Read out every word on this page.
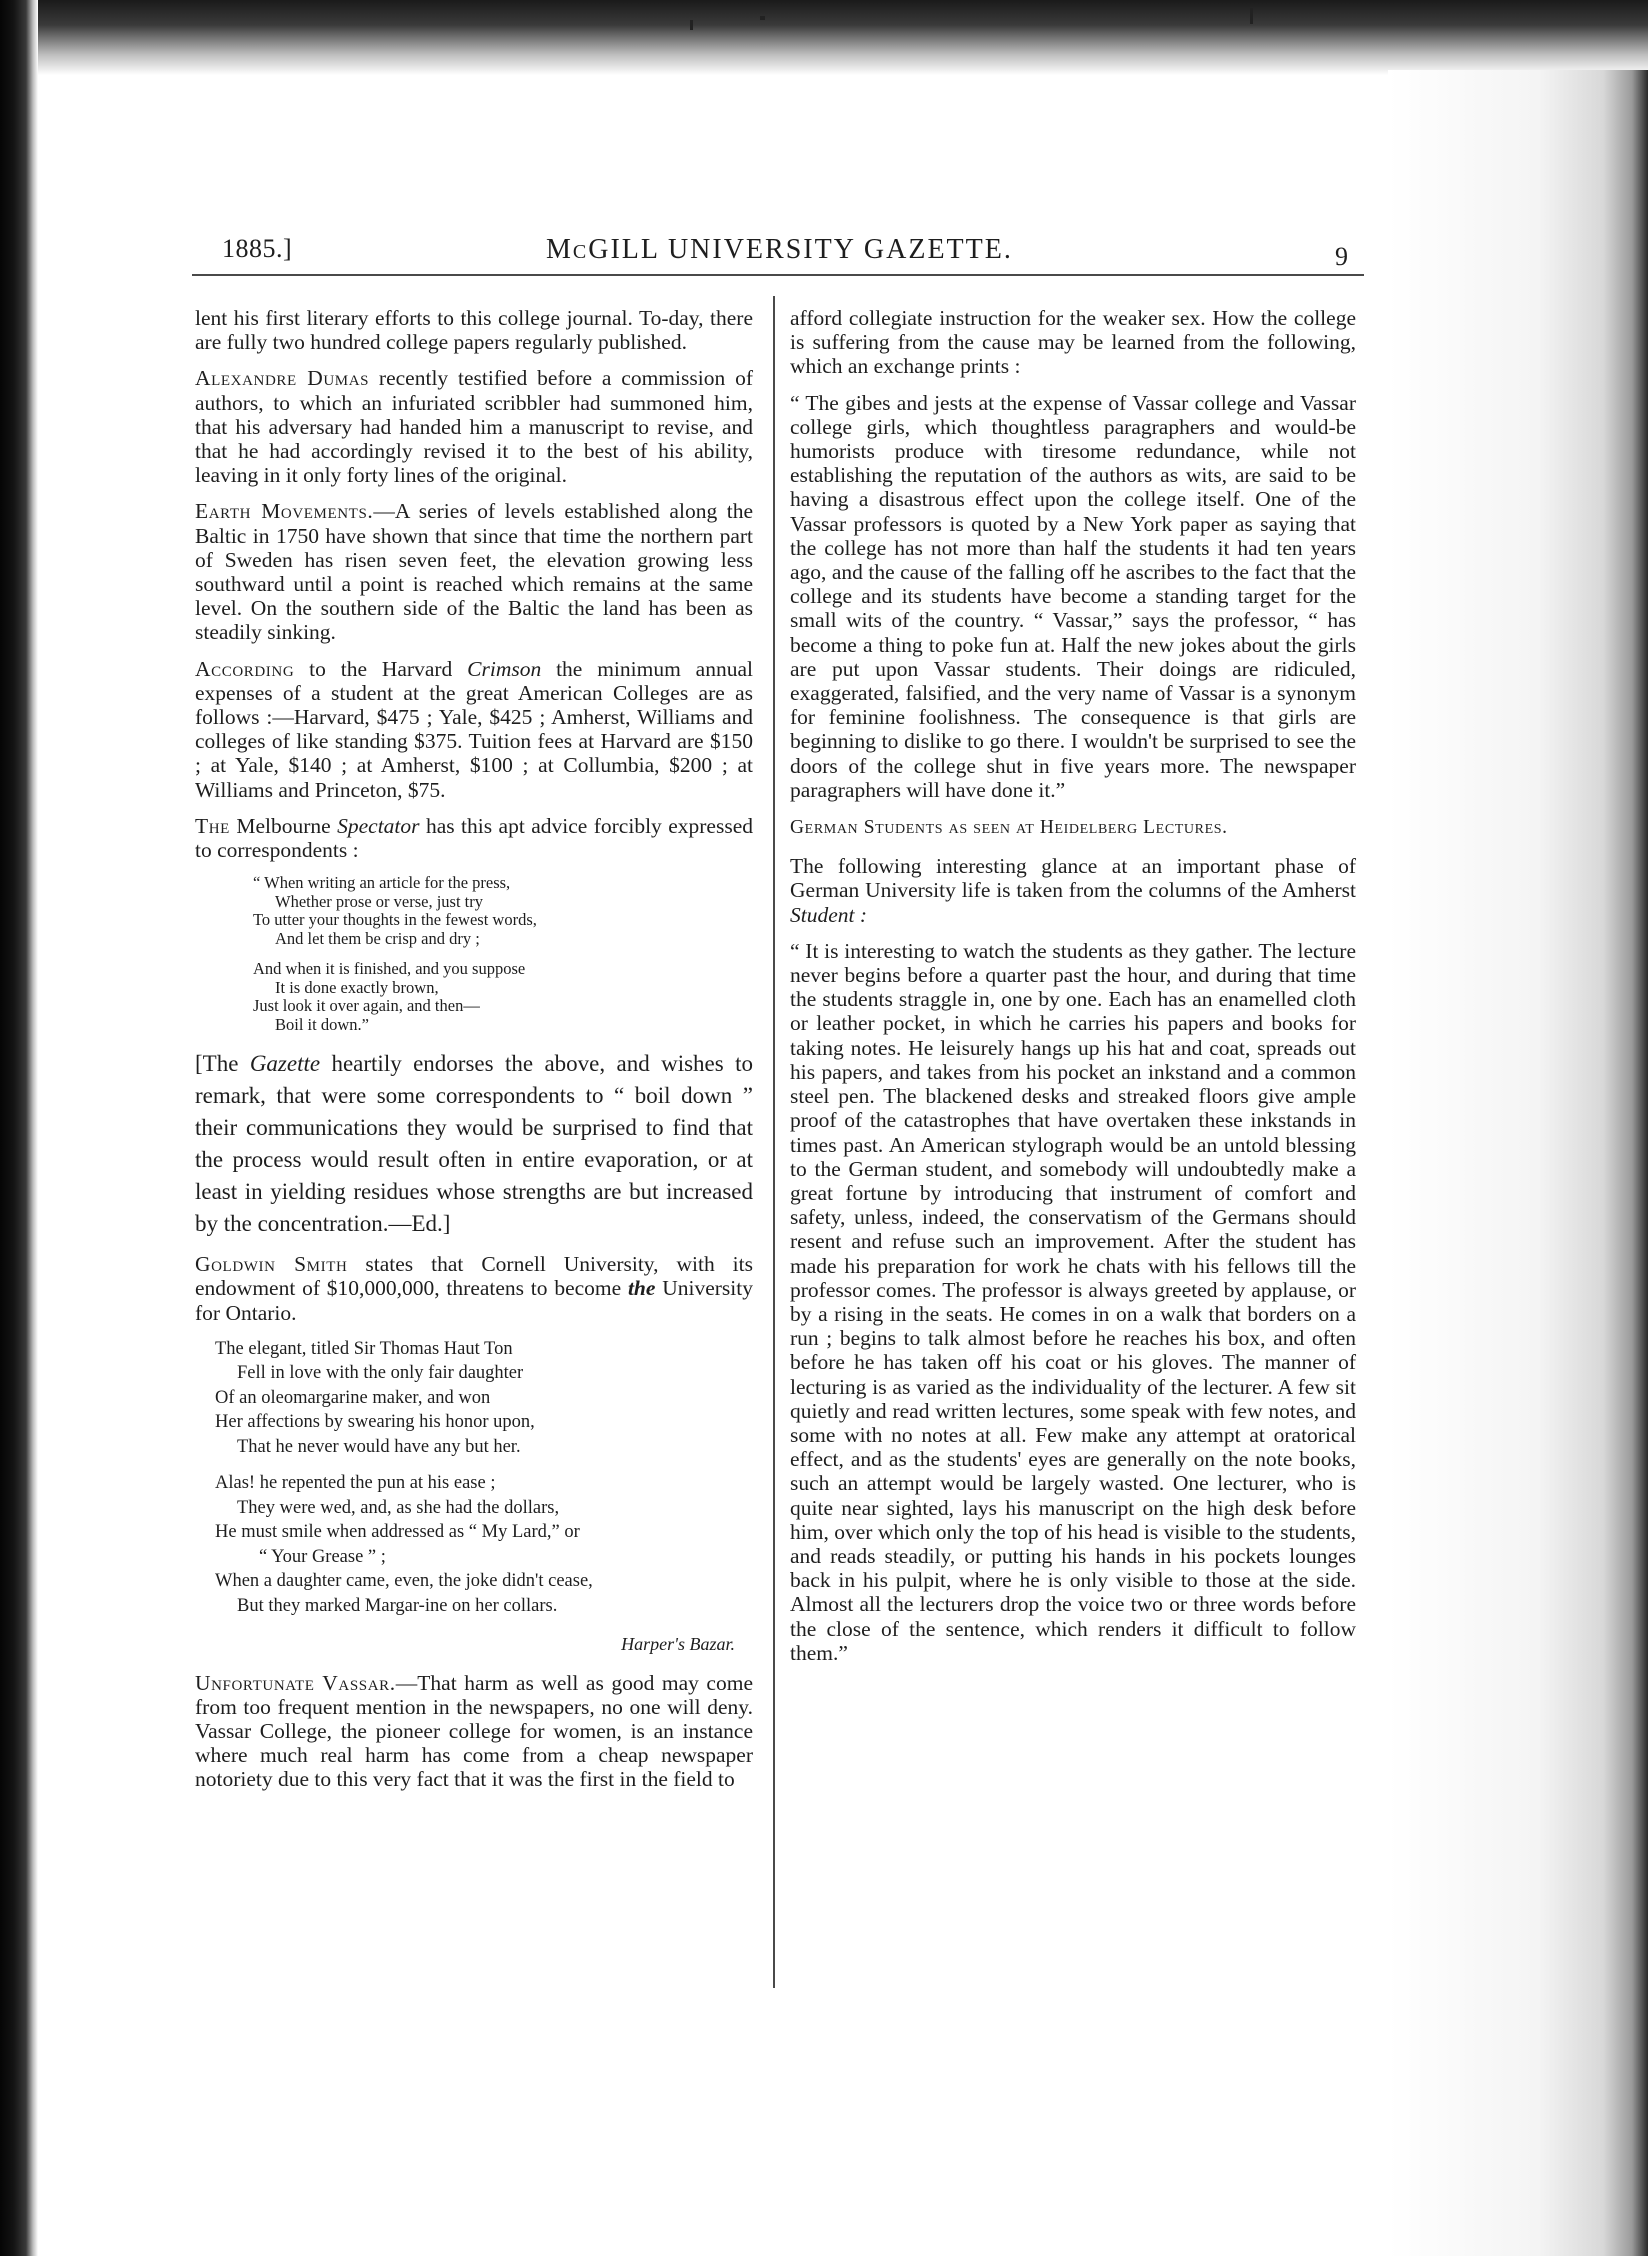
1885.]	McGILL UNIVERSITY GAZETTE.	9

lent his first literary efforts to this college journal. To-day, there are fully two hundred college papers regularly published.

Alexandre Dumas recently testified before a commission of authors, to which an infuriated scribbler had summoned him, that his adversary had handed him a manuscript to revise, and that he had accordingly revised it to the best of his ability, leaving in it only forty lines of the original.

Earth Movements.—A series of levels established along the Baltic in 1750 have shown that since that time the northern part of Sweden has risen seven feet, the elevation growing less southward until a point is reached which remains at the same level. On the southern side of the Baltic the land has been as steadily sinking.

According to the Harvard Crimson the minimum annual expenses of a student at the great American Colleges are as follows :—Harvard, $475 ; Yale, $425 ; Amherst, Williams and colleges of like standing $375. Tuition fees at Harvard are $150 ; at Yale, $140 ; at Amherst, $100 ; at Collumbia, $200 ; at Williams and Princeton, $75.

The Melbourne Spectator has this apt advice forcibly expressed to correspondents :

“ When writing an article for the press,
Whether prose or verse, just try
To utter your thoughts in the fewest words,
And let them be crisp and dry ;
And when it is finished, and you suppose
It is done exactly brown,
Just look it over again, and then—
Boil it down.”

[The Gazette heartily endorses the above, and wishes to remark, that were some correspondents to “ boil down ” their communications they would be surprised to find that the process would result often in entire evaporation, or at least in yielding residues whose strengths are but increased by the concentration.—Ed.]

Goldwin Smith states that Cornell University, with its endowment of $10,000,000, threatens to become the University for Ontario.

The elegant, titled Sir Thomas Haut Ton
Fell in love with the only fair daughter
Of an oleomargarine maker, and won
Her affections by swearing his honor upon,
That he never would have any but her.
Alas! he repented the pun at his ease ;
They were wed, and, as she had the dollars,
He must smile when addressed as “ My Lard,” or
“ Your Grease ” ;
When a daughter came, even, the joke didn't cease,
But they marked Margar-ine on her collars.
Harper's Bazar.

Unfortunate Vassar.—That harm as well as good may come from too frequent mention in the newspapers, no one will deny. Vassar College, the pioneer college for women, is an instance where much real harm has come from a cheap newspaper notoriety due to this very fact that it was the first in the field to

afford collegiate instruction for the weaker sex. How the college is suffering from the cause may be learned from the following, which an exchange prints :

“ The gibes and jests at the expense of Vassar college and Vassar college girls, which thoughtless paragraphers and would-be humorists produce with tiresome redundance, while not establishing the reputation of the authors as wits, are said to be having a disastrous effect upon the college itself. One of the Vassar professors is quoted by a New York paper as saying that the college has not more than half the students it had ten years ago, and the cause of the falling off he ascribes to the fact that the college and its students have become a standing target for the small wits of the country. “ Vassar,” says the professor, “ has become a thing to poke fun at. Half the new jokes about the girls are put upon Vassar students. Their doings are ridiculed, exaggerated, falsified, and the very name of Vassar is a synonym for feminine foolishness. The consequence is that girls are beginning to dislike to go there. I wouldn't be surprised to see the doors of the college shut in five years more. The newspaper paragraphers will have done it.”

German Students as seen at Heidelberg Lectures.

The following interesting glance at an important phase of German University life is taken from the columns of the Amherst Student :

“ It is interesting to watch the students as they gather. The lecture never begins before a quarter past the hour, and during that time the students straggle in, one by one. Each has an enamelled cloth or leather pocket, in which he carries his papers and books for taking notes. He leisurely hangs up his hat and coat, spreads out his papers, and takes from his pocket an inkstand and a common steel pen. The blackened desks and streaked floors give ample proof of the catastrophes that have overtaken these inkstands in times past. An American stylograph would be an untold blessing to the German student, and somebody will undoubtedly make a great fortune by introducing that instrument of comfort and safety, unless, indeed, the conservatism of the Germans should resent and refuse such an improvement. After the student has made his preparation for work he chats with his fellows till the professor comes. The professor is always greeted by applause, or by a rising in the seats. He comes in on a walk that borders on a run ; begins to talk almost before he reaches his box, and often before he has taken off his coat or his gloves. The manner of lecturing is as varied as the individuality of the lecturer. A few sit quietly and read written lectures, some speak with few notes, and some with no notes at all. Few make any attempt at oratorical effect, and as the students' eyes are generally on the note books, such an attempt would be largely wasted. One lecturer, who is quite near sighted, lays his manuscript on the high desk before him, over which only the top of his head is visible to the students, and reads steadily, or putting his hands in his pockets lounges back in his pulpit, where he is only visible to those at the side. Almost all the lecturers drop the voice two or three words before the close of the sentence, which renders it difficult to follow them.”
